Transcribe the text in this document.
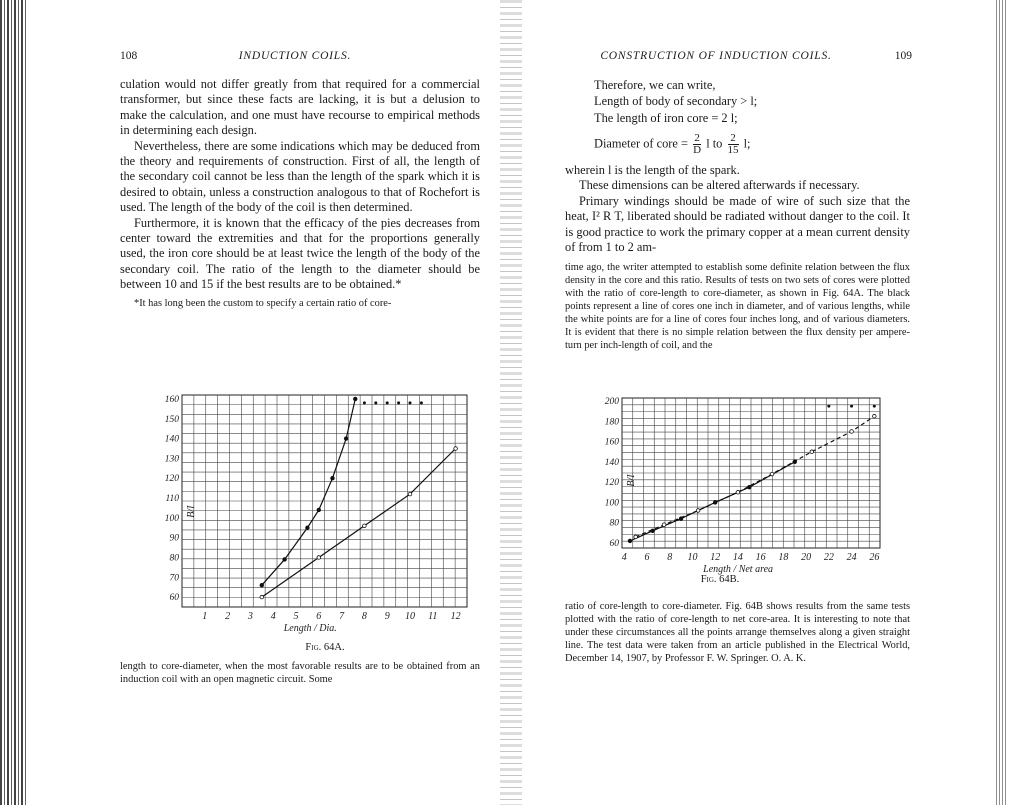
108	INDUCTION COILS.

culation would not differ greatly from that required for a commercial transformer, but since these facts are lacking, it is but a delusion to make the calculation, and one must have recourse to empirical methods in determining each design.

Nevertheless, there are some indications which may be deduced from the theory and requirements of construction. First of all, the length of the secondary coil cannot be less than the length of the spark which it is desired to obtain, unless a construction analogous to that of Rochefort is used. The length of the body of the coil is then determined.

Furthermore, it is known that the efficacy of the pies decreases from center toward the extremities and that for the proportions generally used, the iron core should be at least twice the length of the body of the secondary coil. The ratio of the length to the diameter should be between 10 and 15 if the best results are to be obtained.*

*It has long been the custom to specify a certain ratio of core-

1 2 3 4 5 6 7 8 9 10 11 12
60
70
80
90
100
110
120
130
140
150
160
Length / Dia.
B/I
Fig. 64A.

length to core-diameter, when the most favorable results are to be obtained from an induction coil with an open magnetic circuit. Some

CONSTRUCTION OF INDUCTION COILS.	109

Therefore, we can write,

Length of body of secondary > l;
The length of iron core = 2 l;
Diameter of core = $\frac{2}{D}$ l to $\frac{2}{15} l$;

wherein l is the length of the spark.

These dimensions can be altered afterwards if necessary.

Primary windings should be made of wire of such size that the heat, I² R T, liberated should be radiated without danger to the coil. It is good practice to work the primary copper at a mean current density of from 1 to 2 am-

time ago, the writer attempted to establish some definite relation between the flux density in the core and this ratio. Results of tests on two sets of cores were plotted with the ratio of core-length to core-diameter, as shown in Fig. 64A. The black points represent a line of cores one inch in diameter, and of various lengths, while the white points are for a line of cores four inches long, and of various diameters. It is evident that there is no simple relation between the flux density per ampere-turn per inch-length of coil, and the

4 6 8 10 12 14 16 18 20 22 24 26
60
80
100
120
140
160
180
200
Length / Net area
B/I
Fig. 64B.

ratio of core-length to core-diameter. Fig. 64B shows results from the same tests plotted with the ratio of core-length to net core-area. It is interesting to note that under these circumstances all the points arrange themselves along a given straight line. The test data were taken from an article published in the Electrical World, December 14, 1907, by Professor F. W. Springer. O. A. K.
